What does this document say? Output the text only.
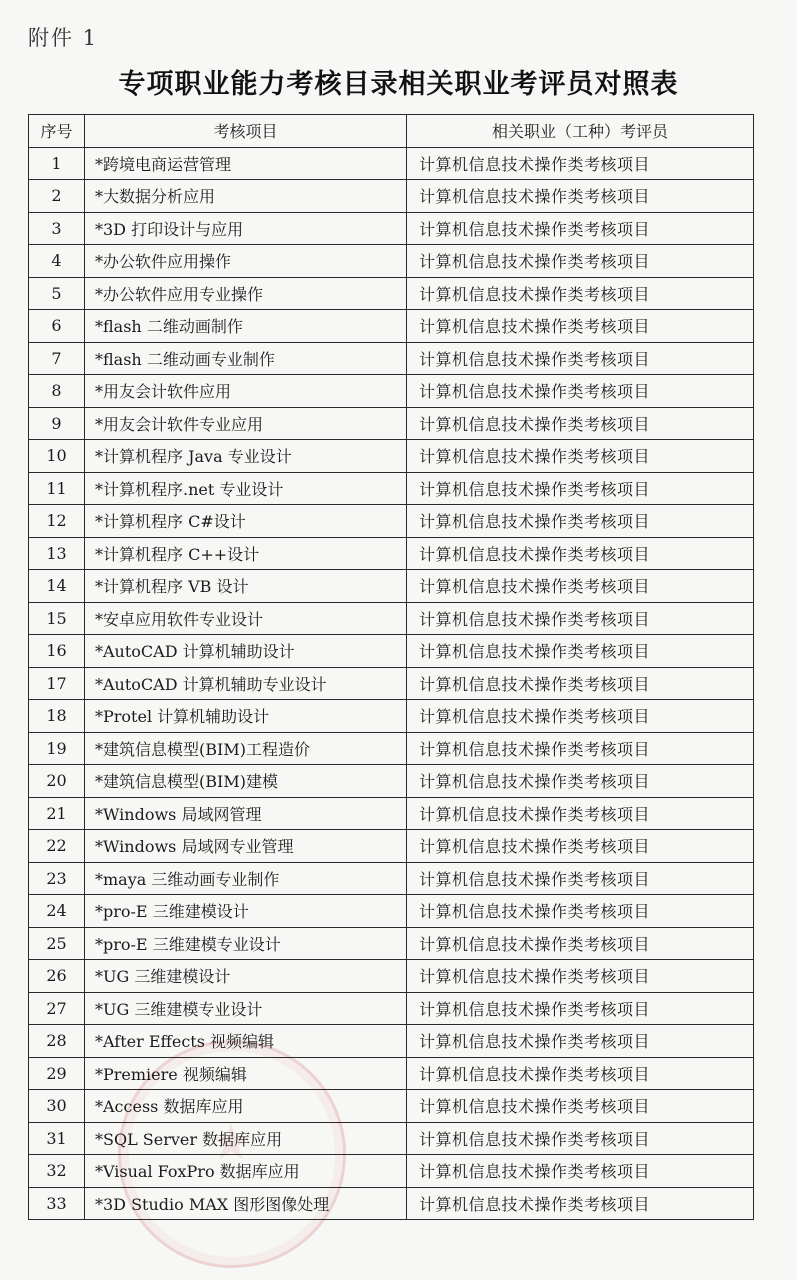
附件 1
专项职业能力考核目录相关职业考评员对照表
序号	考核项目	相关职业（工种）考评员
1	*跨境电商运营管理	计算机信息技术操作类考核项目
2	*大数据分析应用	计算机信息技术操作类考核项目
3	*3D 打印设计与应用	计算机信息技术操作类考核项目
4	*办公软件应用操作	计算机信息技术操作类考核项目
5	*办公软件应用专业操作	计算机信息技术操作类考核项目
6	*flash 二维动画制作	计算机信息技术操作类考核项目
7	*flash 二维动画专业制作	计算机信息技术操作类考核项目
8	*用友会计软件应用	计算机信息技术操作类考核项目
9	*用友会计软件专业应用	计算机信息技术操作类考核项目
10	*计算机程序 Java 专业设计	计算机信息技术操作类考核项目
11	*计算机程序.net 专业设计	计算机信息技术操作类考核项目
12	*计算机程序 C#设计	计算机信息技术操作类考核项目
13	*计算机程序 C++设计	计算机信息技术操作类考核项目
14	*计算机程序 VB 设计	计算机信息技术操作类考核项目
15	*安卓应用软件专业设计	计算机信息技术操作类考核项目
16	*AutoCAD 计算机辅助设计	计算机信息技术操作类考核项目
17	*AutoCAD 计算机辅助专业设计	计算机信息技术操作类考核项目
18	*Protel 计算机辅助设计	计算机信息技术操作类考核项目
19	*建筑信息模型(BIM)工程造价	计算机信息技术操作类考核项目
20	*建筑信息模型(BIM)建模	计算机信息技术操作类考核项目
21	*Windows 局域网管理	计算机信息技术操作类考核项目
22	*Windows 局域网专业管理	计算机信息技术操作类考核项目
23	*maya 三维动画专业制作	计算机信息技术操作类考核项目
24	*pro-E 三维建模设计	计算机信息技术操作类考核项目
25	*pro-E 三维建模专业设计	计算机信息技术操作类考核项目
26	*UG 三维建模设计	计算机信息技术操作类考核项目
27	*UG 三维建模专业设计	计算机信息技术操作类考核项目
28	*After Effects 视频编辑	计算机信息技术操作类考核项目
29	*Premiere 视频编辑	计算机信息技术操作类考核项目
30	*Access 数据库应用	计算机信息技术操作类考核项目
31	*SQL Server 数据库应用	计算机信息技术操作类考核项目
32	*Visual FoxPro 数据库应用	计算机信息技术操作类考核项目
33	*3D Studio MAX 图形图像处理	计算机信息技术操作类考核项目
